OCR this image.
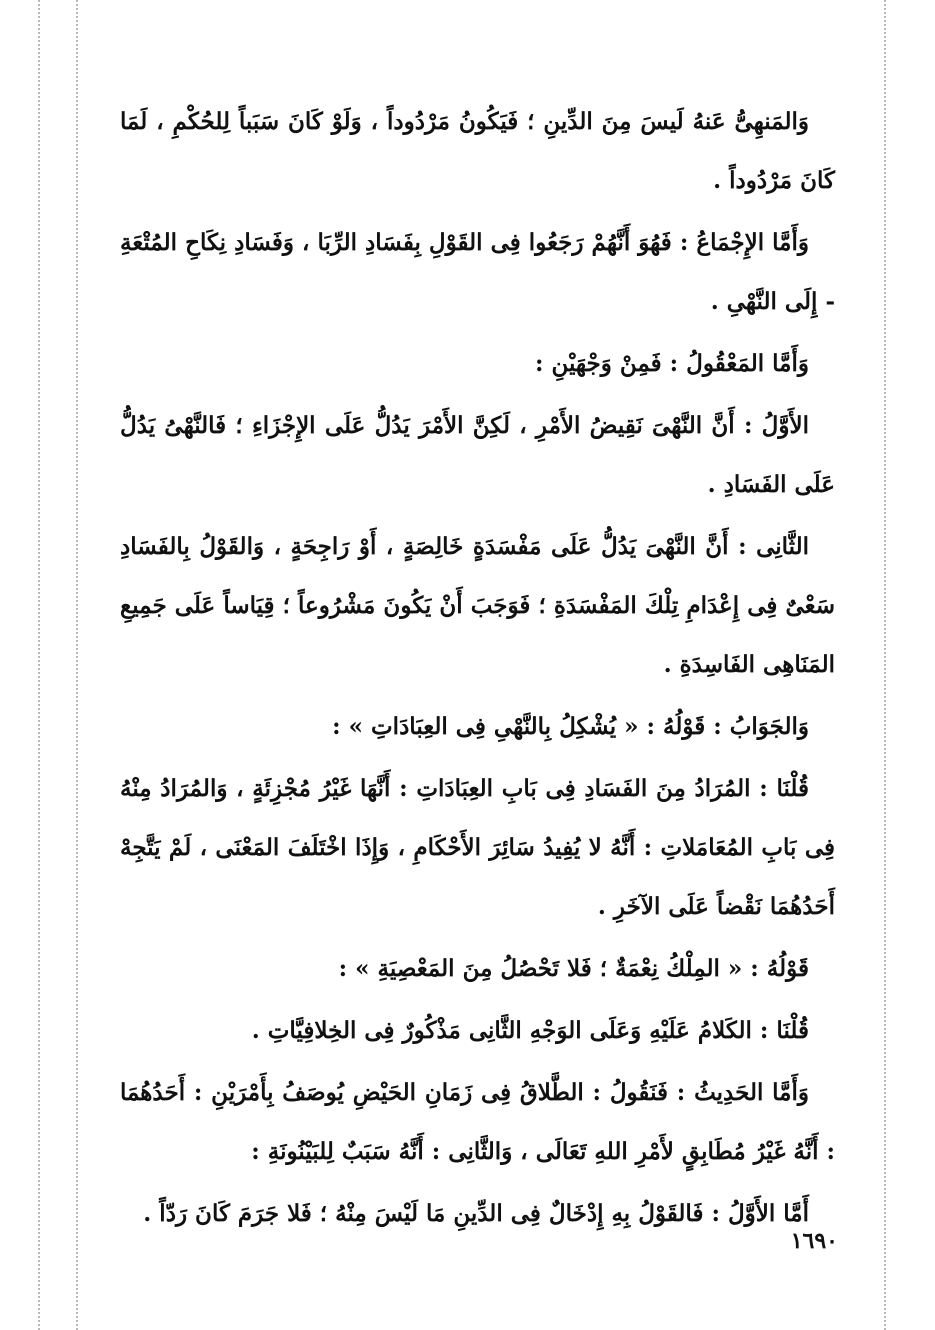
وَالمَنهِىُّ عَنهُ لَيسَ مِنَ الدِّينِ ؛ فَيَكُونُ مَرْدُوداً ، وَلَوْ كَانَ سَبَباً لِلحُكْمِ ، لَمَا كَانَ مَرْدُوداً .

وَأَمَّا الإِجْمَاعُ : فَهُوَ أَنَّهُمْ رَجَعُوا فِى القَوْلِ بِفَسَادِ الرِّبَا ، وَفَسَادِ نِكَاحِ المُتْعَةِ - إِلَى النَّهْىِ .

وَأَمَّا المَعْقُولُ : فَمِنْ وَجْهَيْنِ :

الأَوَّلُ : أَنَّ النَّهْىَ نَقِيضُ الأَمْرِ ، لَكِنَّ الأَمْرَ يَدُلُّ عَلَى الإِجْزَاءِ ؛ فَالنَّهْىُ يَدُلُّ عَلَى الفَسَادِ .

الثَّانِى : أَنَّ النَّهْىَ يَدُلُّ عَلَى مَفْسَدَةٍ خَالِصَةٍ ، أَوْ رَاجِحَةٍ ، وَالقَوْلُ بِالفَسَادِ سَعْىٌ فِى إِعْدَامِ تِلْكَ المَفْسَدَةِ ؛ فَوَجَبَ أَنْ يَكُونَ مَشْرُوعاً ؛ قِيَاساً عَلَى جَمِيعِ المَنَاهِى الفَاسِدَةِ .

وَالجَوَابُ : قَوْلُهُ : « يُشْكِلُ بِالنَّهْىِ فِى العِبَادَاتِ » :

قُلْنَا : المُرَادُ مِنَ الفَسَادِ فِى بَابِ العِبَادَاتِ : أَنَّهَا غَيْرُ مُجْزِئَةٍ ، وَالمُرَادُ مِنْهُ فِى بَابِ المُعَامَلاتِ : أَنَّهُ لا يُفِيدُ سَائِرَ الأَحْكَامِ ، وَإِذَا اخْتَلَفَ المَعْنَى ، لَمْ يَتَّجِهْ أَحَدُهُمَا نَقْضاً عَلَى الآخَرِ .

قَوْلُهُ : « المِلْكُ نِعْمَةٌ ؛ فَلا تَحْصُلُ مِنَ المَعْصِيَةِ » :

قُلْنَا : الكَلامُ عَلَيْهِ وَعَلَى الوَجْهِ الثَّانِى مَذْكُورٌ فِى الخِلافِيَّاتِ .

وَأَمَّا الحَدِيثُ : فَنَقُولُ : الطَّلاقُ فِى زَمَانِ الحَيْضِ يُوصَفُ بِأَمْرَيْنِ : أَحَدُهُمَا : أَنَّهُ غَيْرُ مُطَابِقٍ لأَمْرِ اللهِ تَعَالَى ، وَالثَّانِى : أَنَّهُ سَبَبٌ لِلبَيْنُونَةِ :

أَمَّا الأَوَّلُ : فَالقَوْلُ بِهِ إِدْخَالٌ فِى الدِّينِ مَا لَيْسَ مِنْهُ ؛ فَلا جَرَمَ كَانَ رَدّاً .

١٦٩٠
